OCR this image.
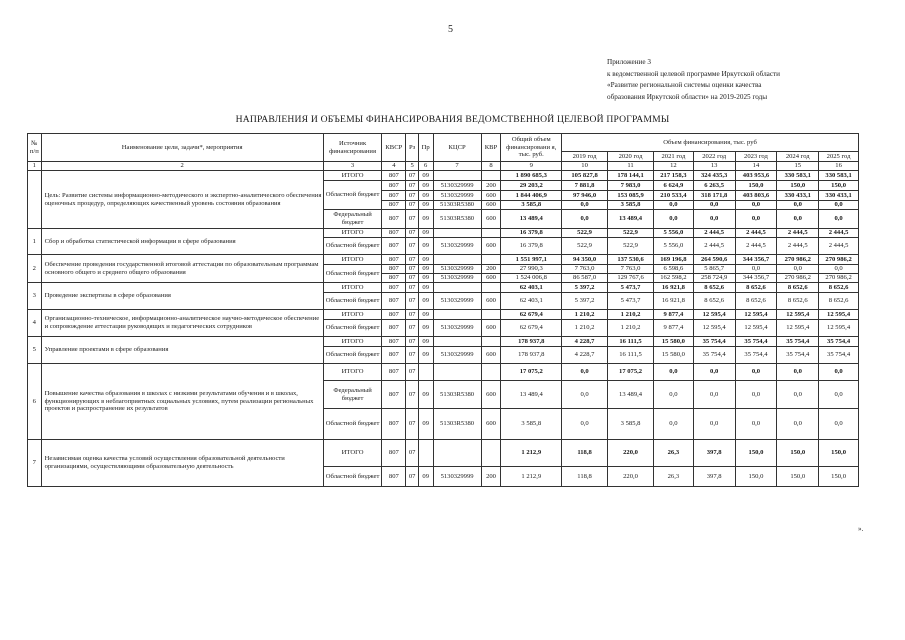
5
Приложение 3
к ведомственной целевой программе Иркутской области
«Развитие региональной системы оценки качества
образования Иркутской области» на 2019-2025 годы
НАПРАВЛЕНИЯ И ОБЪЕМЫ ФИНАНСИРОВАНИЯ ВЕДОМСТВЕННОЙ ЦЕЛЕВОЙ ПРОГРАММЫ
№ п/п	Наименование цели, задачи*, мероприятия	Источник финансирования	КВСР	Рз	Пр	КЦСР	КВР	Общий объем финансировани я, тыс. руб.	Объем финансирования, тыс. руб						
									2019 год	2020 год	2021 год	2022 год	2023 год	2024 год	2025 год
1	2	3	4	5	6	7	8	9	10	11	12	13	14	15	16
	Цель: Развитие системы информационно-методического и экспертно-аналитического обеспечения оценочных процедур, определяющих качественный уровень состояния образования	ИТОГО	807	07	09			1 890 685,3	105 827,8	178 144,1	217 158,3	324 435,3	403 953,6	330 583,1	330 583,1
		Областной бюджет	807	07	09	5130329999	200	29 203,2	7 881,8	7 983,0	6 624,9	6 263,5	150,0	150,0	150,0
			807	07	09	5130329999	600	1 844 406,9	97 946,0	153 085,9	210 533,4	318 171,8	403 803,6	330 433,1	330 433,1
			807	07	09	51303R5380	600	3 585,8	0,0	3 585,8	0,0	0,0	0,0	0,0	0,0
		Федеральный бюджет	807	07	09	51303R5380	600	13 489,4	0,0	13 489,4	0,0	0,0	0,0	0,0	0,0
1	Сбор и обработка статистической информации в сфере образования	ИТОГО	807	07	09			16 379,8	522,9	522,9	5 556,0	2 444,5	2 444,5	2 444,5	2 444,5
		Областной бюджет	807	07	09	5130329999	600	16 379,8	522,9	522,9	5 556,0	2 444,5	2 444,5	2 444,5	2 444,5
2	Обеспечение проведения государственной итоговой аттестации по образовательным программам основного общего и среднего общего образования	ИТОГО	807	07	09			1 551 997,1	94 350,0	137 530,6	169 196,8	264 590,6	344 356,7	270 986,2	270 986,2
		Областной бюджет	807	07	09	5130329999	200	27 990,3	7 763,0	7 763,0	6 598,6	5 865,7	0,0	0,0	0,0
			807	07	09	5130329999	600	1 524 006,8	86 587,0	129 767,6	162 598,2	258 724,9	344 356,7	270 986,2	270 986,2
3	Проведение экспертизы в сфере образования	ИТОГО	807	07	09			62 403,1	5 397,2	5 473,7	16 921,8	8 652,6	8 652,6	8 652,6	8 652,6
		Областной бюджет	807	07	09	5130329999	600	62 403,1	5 397,2	5 473,7	16 921,8	8 652,6	8 652,6	8 652,6	8 652,6
4	Организационно-техническое, информационно-аналитическое научно-методическое обеспечение и сопровождение аттестации руководящих и педагогических сотрудников	ИТОГО	807	07	09			62 679,4	1 210,2	1 210,2	9 877,4	12 595,4	12 595,4	12 595,4	12 595,4
		Областной бюджет	807	07	09	5130329999	600	62 679,4	1 210,2	1 210,2	9 877,4	12 595,4	12 595,4	12 595,4	12 595,4
5	Управление проектами в сфере образования	ИТОГО	807	07	09			178 937,8	4 228,7	16 111,5	15 580,0	35 754,4	35 754,4	35 754,4	35 754,4
		Областной бюджет	807	07	09	5130329999	600	178 937,8	4 228,7	16 111,5	15 580,0	35 754,4	35 754,4	35 754,4	35 754,4
6	Повышение качества образования в школах с низкими результатами обучения и в школах, функционирующих в неблагоприятных социальных условиях, путем реализации региональных проектов и распространение их результатов	ИТОГО	807	07				17 075,2	0,0	17 075,2	0,0	0,0	0,0	0,0	0,0
		Федеральный бюджет	807	07	09	51303R5380	600	13 489,4	0,0	13 489,4	0,0	0,0	0,0	0,0	0,0
		Областной бюджет	807	07	09	51303R5380	600	3 585,8	0,0	3 585,8	0,0	0,0	0,0	0,0	0,0
7	Независимая оценка качества условий осуществления образовательной деятельности организациями, осуществляющими образовательную деятельность	ИТОГО	807	07				1 212,9	118,8	220,0	26,3	397,8	150,0	150,0	150,0
		Областной бюджет	807	07	09	5130329999	200	1 212,9	118,8	220,0	26,3	397,8	150,0	150,0	150,0
».
